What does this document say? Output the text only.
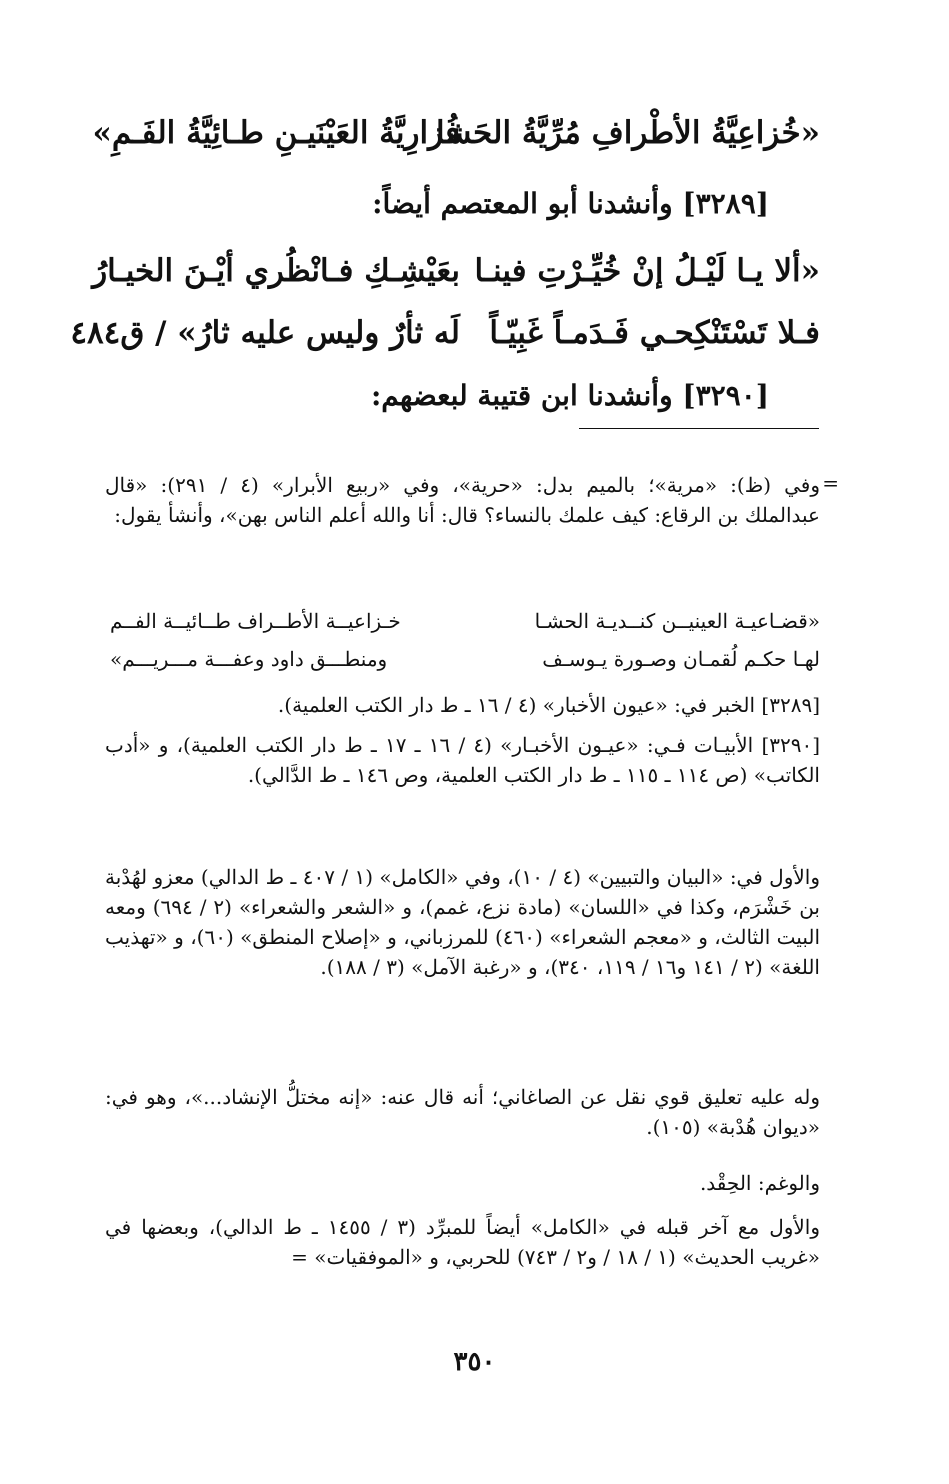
«خُزاعِيَّةُ الأطْرافِ مُرِّيَّةُ الحَشا
فُزارِيَّةُ العَيْنَيـنِ طـائِيَّةُ الفَـمِ»
[٣٢٨٩] وأنشدنا أبو المعتصم أيضاً:
«ألا يـا لَيْـلُ إنْ خُيِّـرْتِ فينـا
بعَيْشِـكِ فـانْظُري أيْـنَ الخيـارُ
فـلا تَسْتَنْكِحـي فَـدَمـاً غَبِيّـاً
لَه ثأرٌ وليس عليه ثارُ» / ق٤٨٤
[٣٢٩٠] وأنشدنا ابن قتيبة لبعضهم:
=
وفي (ظ): «مرية»؛ بالميم بدل: «حرية»، وفي «ربيع الأبرار» (٤ / ٢٩١): «قال عبدالملك بن الرقاع: كيف علمك بالنساء؟ قال: أنا والله أعلم الناس بهن»، وأنشأ يقول:
«قضـاعيـة العينيــن كنــديـة الحشـا
خـزاعيــة الأطــراف طــائيــة الفــم
لهـا حكـم لُقمـان وصـورة يـوسـف
ومنطـــق داود وعفـــة مـــريـــم»
[٣٢٨٩] الخبر في: «عيون الأخبار» (٤ / ١٦ ـ ط دار الكتب العلمية).
[٣٢٩٠] الأبيـات فـي: «عيـون الأخبـار» (٤ / ١٦ ـ ١٧ ـ ط دار الكتب العلمية)، و «أدب الكاتب» (ص ١١٤ ـ ١١٥ ـ ط دار الكتب العلمية، وص ١٤٦ ـ ط الدَّالي).
والأول في: «البيان والتبيين» (٤ / ١٠)، وفي «الكامل» (١ / ٤٠٧ ـ ط الدالي) معزو لهُدْبة بن خَشْرَم، وكذا في «اللسان» (مادة نزع، غمم)، و «الشعر والشعراء» (٢ / ٦٩٤) ومعه البيت الثالث، و «معجم الشعراء» (٤٦٠) للمرزباني، و «إصلاح المنطق» (٦٠)، و «تهذيب اللغة» (٢ / ١٤١ و١٦ / ١١٩، ٣٤٠)، و «رغبة الآمل» (٣ / ١٨٨).
وله عليه تعليق قوي نقل عن الصاغاني؛ أنه قال عنه: «إنه مختلُّ الإنشاد...»، وهو في: «ديوان هُدْبة» (١٠٥).
والوغم: الحِقْد.
والأول مع آخر قبله في «الكامل» أيضاً للمبرِّد (٣ / ١٤٥٥ ـ ط الدالي)، وبعضها في «غريب الحديث» (١ / ١٨ / و٢ / ٧٤٣) للحربي، و «الموفقيات» =
٣٥٠
